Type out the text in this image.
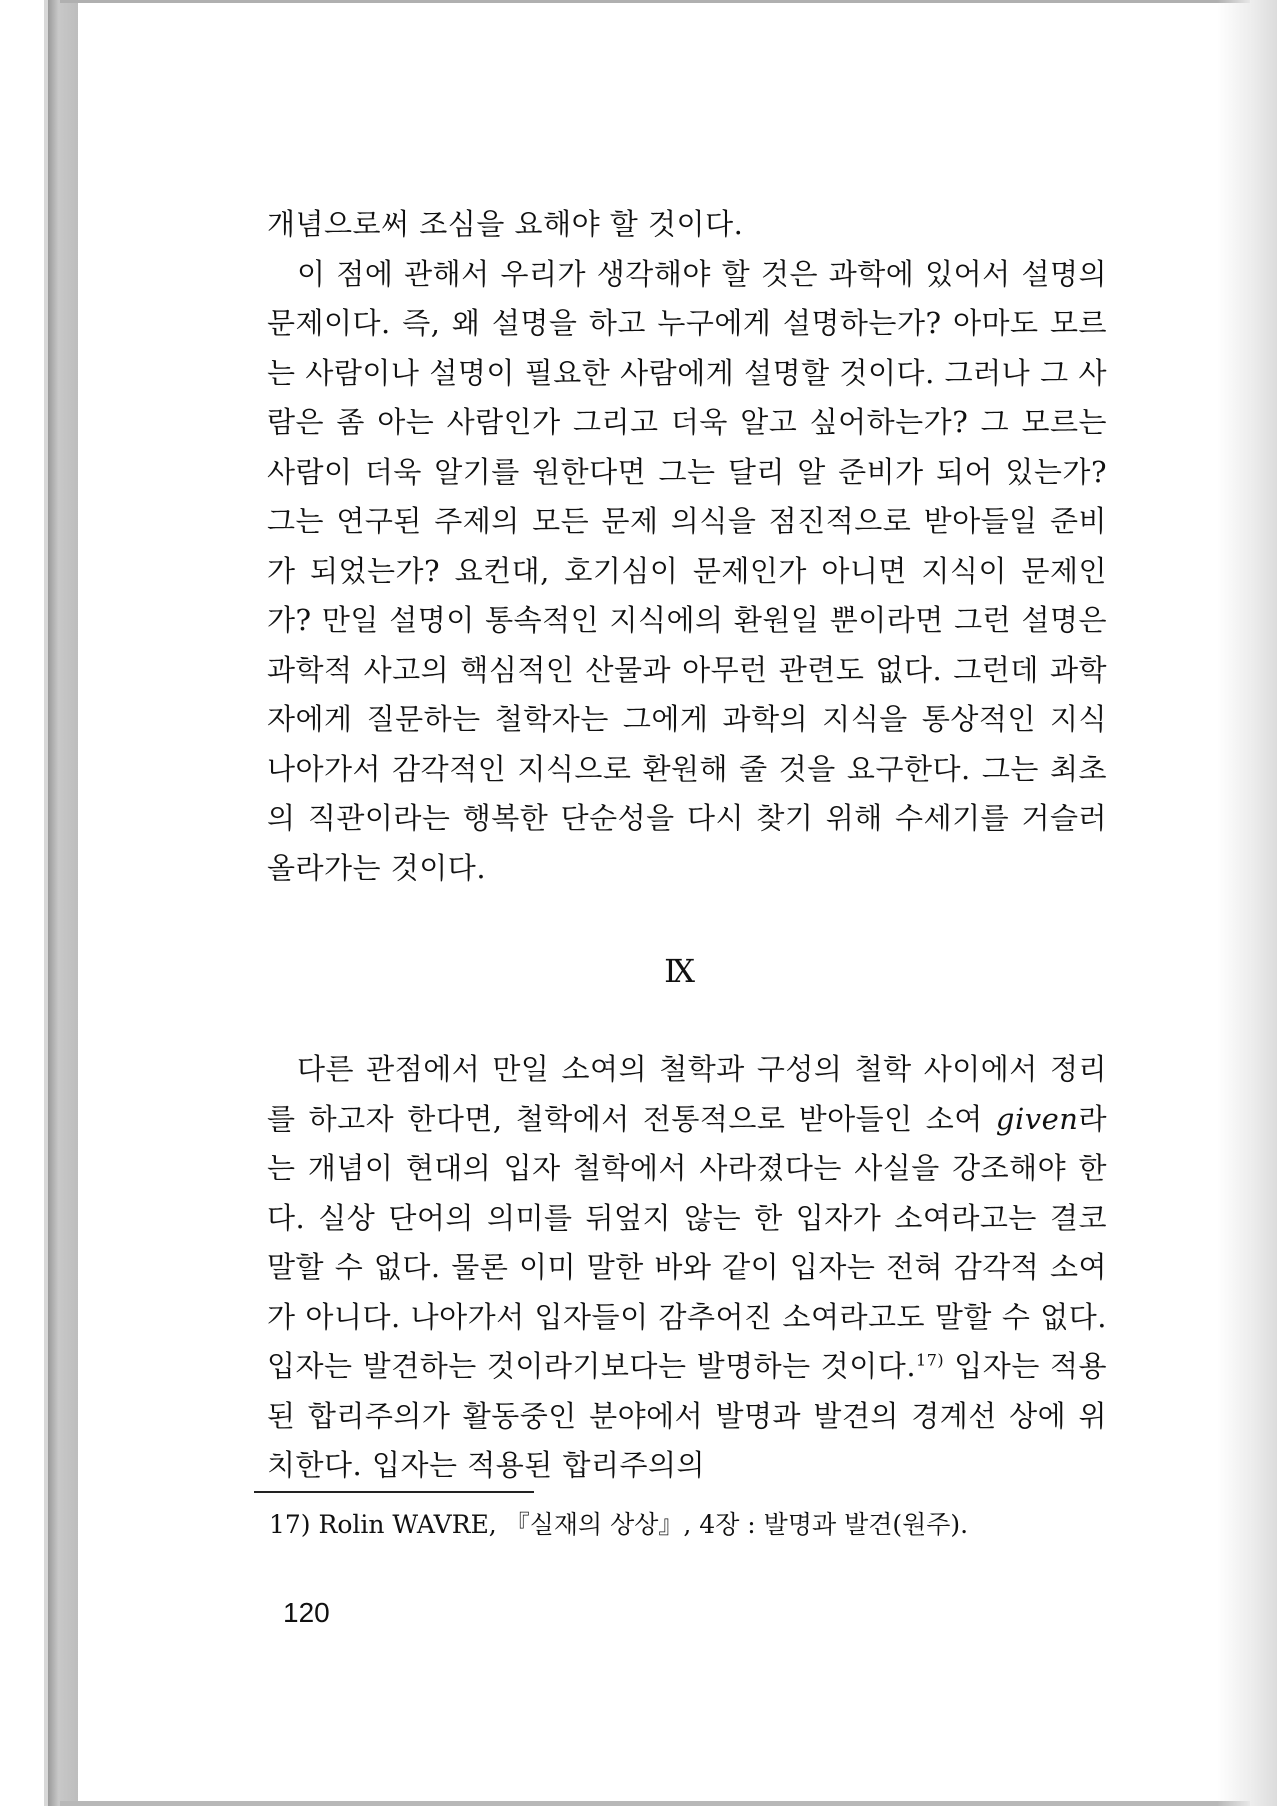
개념으로써 조심을 요해야 할 것이다.

이 점에 관해서 우리가 생각해야 할 것은 과학에 있어서 설명의 문제이다. 즉, 왜 설명을 하고 누구에게 설명하는가? 아마도 모르는 사람이나 설명이 필요한 사람에게 설명할 것이다. 그러나 그 사람은 좀 아는 사람인가 그리고 더욱 알고 싶어하는가? 그 모르는 사람이 더욱 알기를 원한다면 그는 달리 알 준비가 되어 있는가? 그는 연구된 주제의 모든 문제 의식을 점진적으로 받아들일 준비가 되었는가? 요컨대, 호기심이 문제인가 아니면 지식이 문제인가? 만일 설명이 통속적인 지식에의 환원일 뿐이라면 그런 설명은 과학적 사고의 핵심적인 산물과 아무런 관련도 없다. 그런데 과학자에게 질문하는 철학자는 그에게 과학의 지식을 통상적인 지식 나아가서 감각적인 지식으로 환원해 줄 것을 요구한다. 그는 최초의 직관이라는 행복한 단순성을 다시 찾기 위해 수세기를 거슬러 올라가는 것이다.

Ⅸ

다른 관점에서 만일 소여의 철학과 구성의 철학 사이에서 정리를 하고자 한다면, 철학에서 전통적으로 받아들인 소여 given라는 개념이 현대의 입자 철학에서 사라졌다는 사실을 강조해야 한다. 실상 단어의 의미를 뒤엎지 않는 한 입자가 소여라고는 결코 말할 수 없다. 물론 이미 말한 바와 같이 입자는 전혀 감각적 소여가 아니다. 나아가서 입자들이 감추어진 소여라고도 말할 수 없다. 입자는 발견하는 것이라기보다는 발명하는 것이다.$^{17)}$ 입자는 적용된 합리주의가 활동중인 분야에서 발명과 발견의 경계선 상에 위치한다. 입자는 적용된 합리주의의

17) Rolin WAVRE, 『실재의 상상』, 4장 : 발명과 발견(원주).
120
